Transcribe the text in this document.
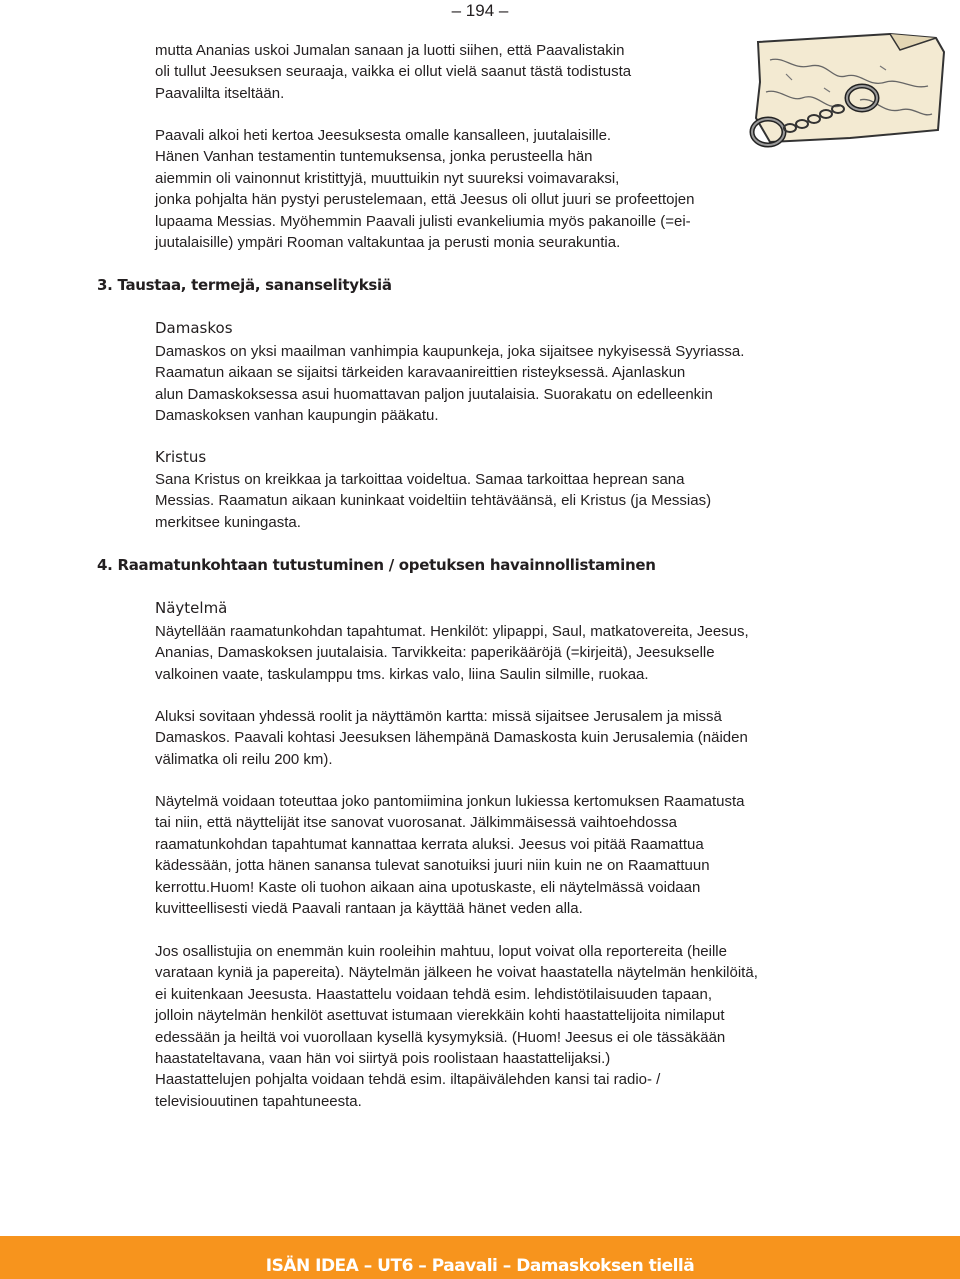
– 194 –
mutta Ananias uskoi Jumalan sanaan ja luotti siihen, että Paavalistakin
oli tullut Jeesuksen seuraaja, vaikka ei ollut vielä saanut tästä todistusta
Paavalilta itseltään.
Paavali alkoi heti kertoa Jeesuksesta omalle kansalleen, juutalaisille.
Hänen Vanhan testamentin tuntemuksensa, jonka perusteella hän
aiemmin oli vainonnut kristittyjä, muuttuikin nyt suureksi voimavaraksi,
jonka pohjalta hän pystyi perustelemaan, että Jeesus oli ollut juuri se profeettojen
lupaama Messias. Myöhemmin Paavali julisti evankeliumia myös pakanoille (=ei-
juutalaisille) ympäri Rooman valtakuntaa ja perusti monia seurakuntia.
3. Taustaa, termejä, sananselityksiä
Damaskos
Damaskos on yksi maailman vanhimpia kaupunkeja, joka sijaitsee nykyisessä Syyriassa.
Raamatun aikaan se sijaitsi tärkeiden karavaanireittien risteyksessä. Ajanlaskun
alun Damaskoksessa asui huomattavan paljon juutalaisia. Suorakatu on edelleenkin
Damaskoksen vanhan kaupungin pääkatu.
Kristus
Sana Kristus on kreikkaa ja tarkoittaa voideltua. Samaa tarkoittaa heprean sana
Messias. Raamatun aikaan kuninkaat voideltiin tehtäväänsä, eli Kristus (ja Messias)
merkitsee kuningasta.
4. Raamatunkohtaan tutustuminen / opetuksen havainnollistaminen
Näytelmä
Näytellään raamatunkohdan tapahtumat. Henkilöt: ylipappi, Saul, matkatovereita, Jeesus,
Ananias, Damaskoksen juutalaisia. Tarvikkeita: paperikääröjä (=kirjeitä), Jeesukselle
valkoinen vaate, taskulamppu tms. kirkas valo, liina Saulin silmille, ruokaa.
Aluksi sovitaan yhdessä roolit ja näyttämön kartta: missä sijaitsee Jerusalem ja missä
Damaskos. Paavali kohtasi Jeesuksen lähempänä Damaskosta kuin Jerusalemia (näiden
välimatka oli reilu 200 km).
Näytelmä voidaan toteuttaa joko pantomiimina jonkun lukiessa kertomuksen Raamatusta
tai niin, että näyttelijät itse sanovat vuorosanat. Jälkimmäisessä vaihtoehdossa
raamatunkohdan tapahtumat kannattaa kerrata aluksi. Jeesus voi pitää Raamattua
kädessään, jotta hänen sanansa tulevat sanotuiksi juuri niin kuin ne on Raamattuun
kerrottu.Huom! Kaste oli tuohon aikaan aina upotuskaste, eli näytelmässä voidaan
kuvitteellisesti viedä Paavali rantaan ja käyttää hänet veden alla.
Jos osallistujia on enemmän kuin rooleihin mahtuu, loput voivat olla reportereita (heille
varataan kyniä ja papereita). Näytelmän jälkeen he voivat haastatella näytelmän henkilöitä,
ei kuitenkaan Jeesusta. Haastattelu voidaan tehdä esim. lehdistötilaisuuden tapaan,
jolloin näytelmän henkilöt asettuvat istumaan vierekkäin kohti haastattelijoita nimilaput
edessään ja heiltä voi vuorollaan kysellä kysymyksiä. (Huom! Jeesus ei ole tässäkään
haastateltavana, vaan hän voi siirtyä pois roolistaan haastattelijaksi.)
Haastattelujen pohjalta voidaan tehdä esim. iltapäivälehden kansi tai radio- /
televisiouutinen tapahtuneesta.
ISÄN IDEA – UT6 – Paavali – Damaskoksen tiellä
